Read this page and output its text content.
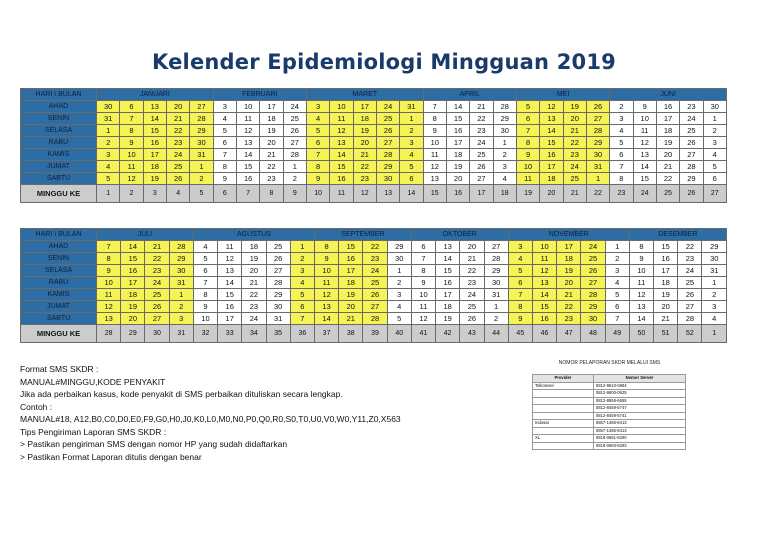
Kelender Epidemiologi Mingguan 2019
HARI \ BULAN	JANUARI					FEBRUARI				MARET					APRIL				MEI				JUNI				
AHAD	30	6	13	20	27	3	10	17	24	3	10	17	24	31	7	14	21	28	5	12	19	26	2	9	16	23	30
SENIN	31	7	14	21	28	4	11	18	25	4	11	18	25	1	8	15	22	29	6	13	20	27	3	10	17	24	1
SELASA	1	8	15	22	29	5	12	19	26	5	12	19	26	2	9	16	23	30	7	14	21	28	4	11	18	25	2
RABU	2	9	16	23	30	6	13	20	27	6	13	20	27	3	10	17	24	1	8	15	22	29	5	12	19	26	3
KAMIS	3	10	17	24	31	7	14	21	28	7	14	21	28	4	11	18	25	2	9	16	23	30	6	13	20	27	4
JUMAT	4	11	18	25	1	8	15	22	1	8	15	22	29	5	12	19	26	3	10	17	24	31	7	14	21	28	5
SABTU	5	12	19	26	2	9	16	23	2	9	16	23	30	6	13	20	27	4	11	18	25	1	8	15	22	29	6
MINGGU KE	1	2	3	4	5	6	7	8	9	10	11	12	13	14	15	16	17	18	19	20	21	22	23	24	25	26	27
HARI \ BULAN	JULI				AGUSTUS					SEPTEMBER				OKTOBER				NOVEMBER					DESEMBER			
AHAD	7	14	21	28	4	11	18	25	1	8	15	22	29	6	13	20	27	3	10	17	24	1	8	15	22	29
SENIN	8	15	22	29	5	12	19	26	2	9	16	23	30	7	14	21	28	4	11	18	25	2	9	16	23	30
SELASA	9	16	23	30	6	13	20	27	3	10	17	24	1	8	15	22	29	5	12	19	26	3	10	17	24	31
RABU	10	17	24	31	7	14	21	28	4	11	18	25	2	9	16	23	30	6	13	20	27	4	11	18	25	1
KAMIS	11	18	25	1	8	15	22	29	5	12	19	26	3	10	17	24	31	7	14	21	28	5	12	19	26	2
JUMAT	12	19	26	2	9	16	23	30	6	13	20	27	4	11	18	25	1	8	15	22	29	6	13	20	27	3
SABTU	13	20	27	3	10	17	24	31	7	14	21	28	5	12	19	26	2	9	16	23	30	7	14	21	28	4
MINGGU KE	28	29	30	31	32	33	34	35	36	37	38	39	40	41	42	43	44	45	46	47	48	49	50	51	52	1
Format SMS SKDR :
MANUAL#MINGGU,KODE PENYAKIT
Jika ada perbaikan kasus, kode penyakit di SMS perbaikan dituliskan secara lengkap.
Contoh :
MANUAL#18, A12,B0,C0,D0,E0,F9,G0,H0,J0,K0,L0,M0,N0,P0,Q0,R0,S0,T0,U0,V0,W0,Y11,Z0,X563
Tips Pengiriman Laporan SMS SKDR :
> Pastikan pengiriman SMS dengan nomor HP yang sudah didaftarkan
> Pastikan Format Laporan ditulis dengan benar
NOMOR PELAPORAN SKDR MELALUI SMS
Provider	Nomor Server
Telkomsel	0812-9610-0884
	0812-9800-0625
	0812-8958-6665
	0812-8459-5747
	0812-8459-5741
Indosat	0857-1486-8413
	0857-1486-8413
XL	0818-0681-8290
	0818-0683-8293
